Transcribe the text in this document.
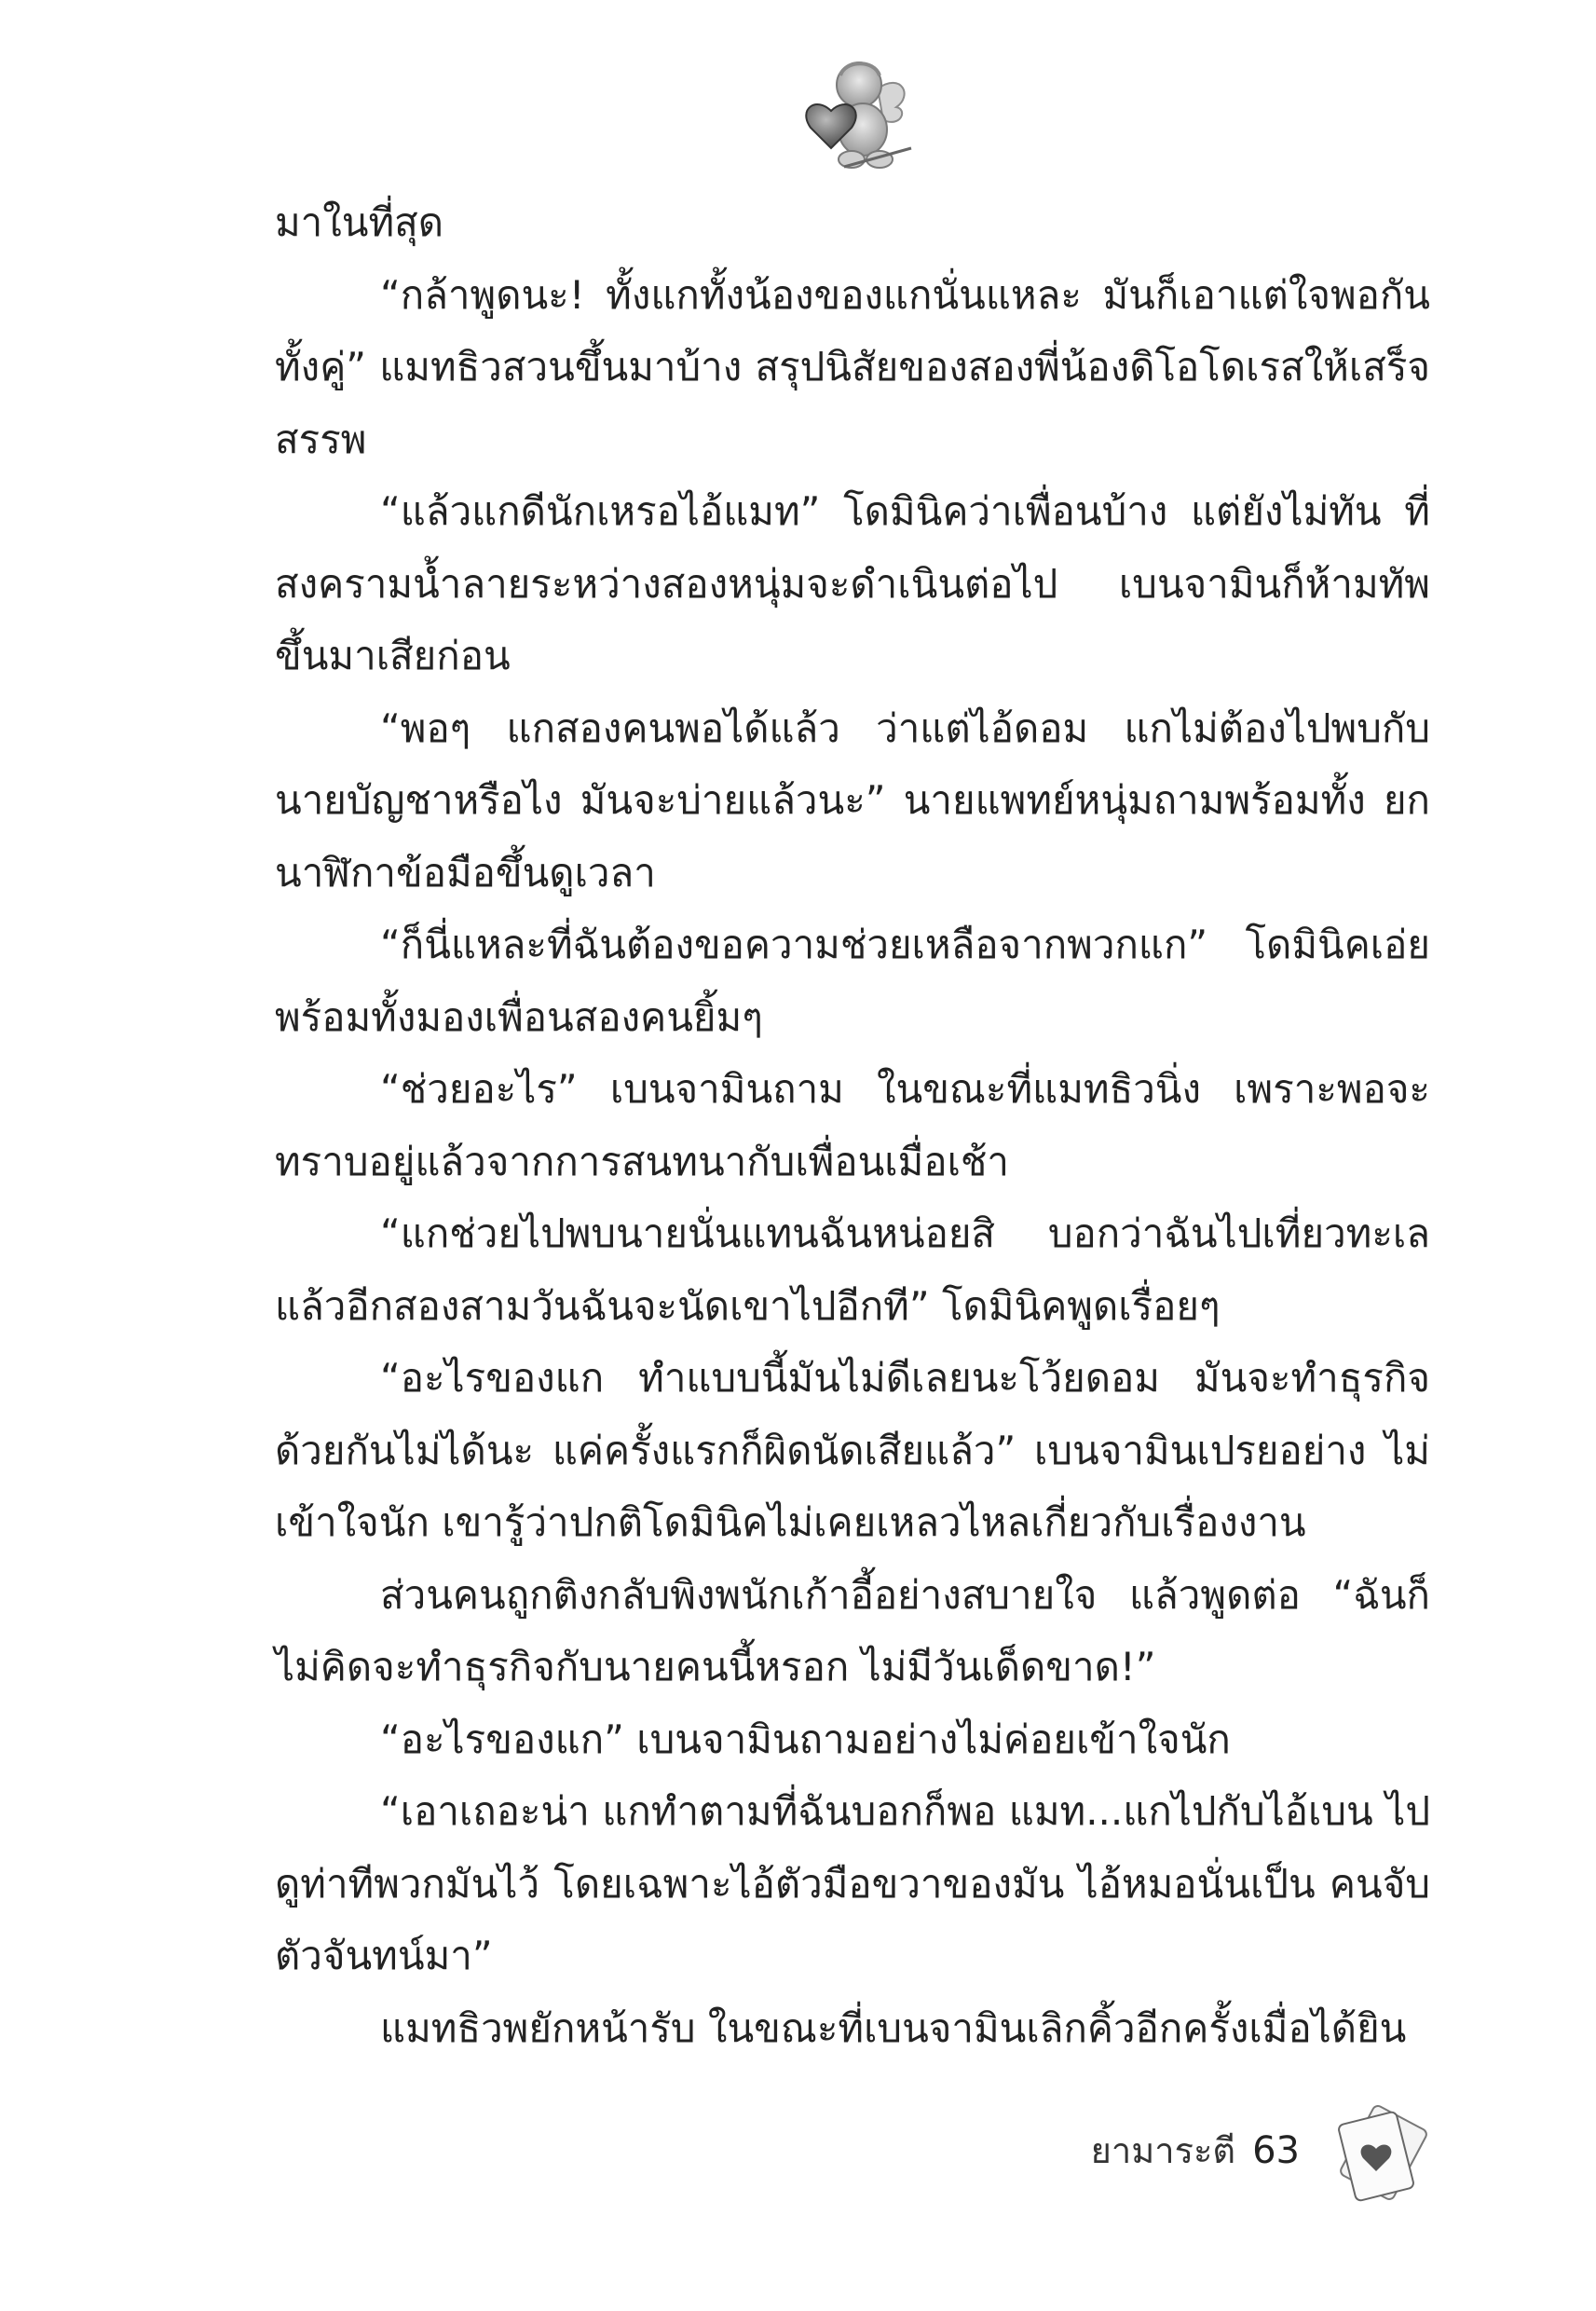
มาในที่สุด

“กล้าพูดนะ! ทั้งแกทั้งน้องของแกนั่นแหละ มันก็เอาแต่ใจพอกัน ทั้งคู่” แมทธิวสวนขึ้นมาบ้าง สรุปนิสัยของสองพี่น้องดิโอโดเรสให้เสร็จสรรพ

“แล้วแกดีนักเหรอไอ้แมท” โดมินิคว่าเพื่อนบ้าง แต่ยังไม่ทัน ที่สงครามน้ำลายระหว่างสองหนุ่มจะดำเนินต่อไป เบนจามินก็ห้ามทัพขึ้นมาเสียก่อน

“พอๆ แกสองคนพอได้แล้ว ว่าแต่ไอ้ดอม แกไม่ต้องไปพบกับ นายบัญชาหรือไง มันจะบ่ายแล้วนะ” นายแพทย์หนุ่มถามพร้อมทั้ง ยกนาฬิกาข้อมือขึ้นดูเวลา

“ก็นี่แหละที่ฉันต้องขอความช่วยเหลือจากพวกแก” โดมินิคเอ่ย พร้อมทั้งมองเพื่อนสองคนยิ้มๆ

“ช่วยอะไร” เบนจามินถาม ในขณะที่แมทธิวนิ่ง เพราะพอจะ ทราบอยู่แล้วจากการสนทนากับเพื่อนเมื่อเช้า

“แกช่วยไปพบนายนั่นแทนฉันหน่อยสิ บอกว่าฉันไปเที่ยวทะเล แล้วอีกสองสามวันฉันจะนัดเขาไปอีกที” โดมินิคพูดเรื่อยๆ

“อะไรของแก ทำแบบนี้มันไม่ดีเลยนะโว้ยดอม มันจะทำธุรกิจ ด้วยกันไม่ได้นะ แค่ครั้งแรกก็ผิดนัดเสียแล้ว” เบนจามินเปรยอย่าง ไม่เข้าใจนัก เขารู้ว่าปกติโดมินิคไม่เคยเหลวไหลเกี่ยวกับเรื่องงาน

ส่วนคนถูกติงกลับพิงพนักเก้าอี้อย่างสบายใจ แล้วพูดต่อ “ฉันก็ ไม่คิดจะทำธุรกิจกับนายคนนี้หรอก ไม่มีวันเด็ดขาด!”

“อะไรของแก” เบนจามินถามอย่างไม่ค่อยเข้าใจนัก

“เอาเถอะน่า แกทำตามที่ฉันบอกก็พอ แมท...แกไปกับไอ้เบน ไปดูท่าทีพวกมันไว้ โดยเฉพาะไอ้ตัวมือขวาของมัน ไอ้หมอนั่นเป็น คนจับตัวจันทน์มา”

แมทธิวพยักหน้ารับ ในขณะที่เบนจามินเลิกคิ้วอีกครั้งเมื่อได้ยิน

ยามาระตี 63
